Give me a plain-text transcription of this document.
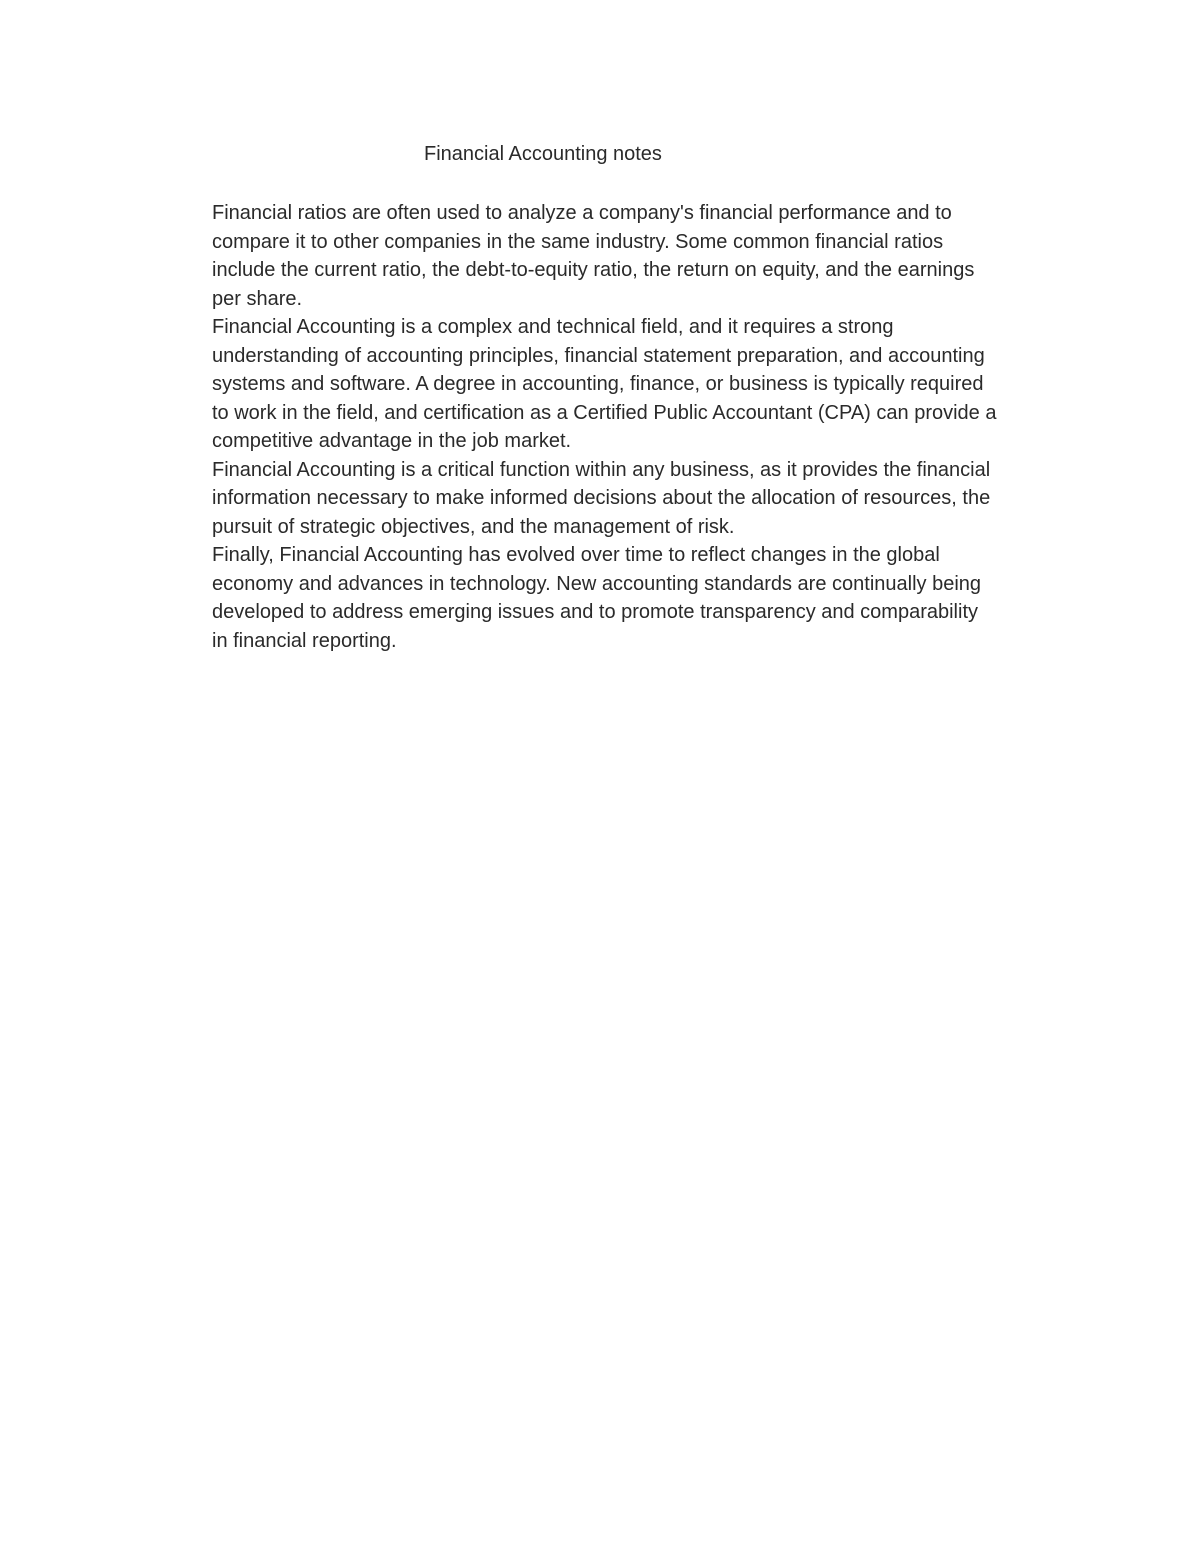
Financial Accounting notes

Financial ratios are often used to analyze a company's financial performance and to
compare it to other companies in the same industry. Some common financial ratios
include the current ratio, the debt-to-equity ratio, the return on equity, and the earnings
per share.

Financial Accounting is a complex and technical field, and it requires a strong
understanding of accounting principles, financial statement preparation, and accounting
systems and software. A degree in accounting, finance, or business is typically required
to work in the field, and certification as a Certified Public Accountant (CPA) can provide a
competitive advantage in the job market.

Financial Accounting is a critical function within any business, as it provides the financial
information necessary to make informed decisions about the allocation of resources, the
pursuit of strategic objectives, and the management of risk.

Finally, Financial Accounting has evolved over time to reflect changes in the global
economy and advances in technology. New accounting standards are continually being
developed to address emerging issues and to promote transparency and comparability
in financial reporting.
